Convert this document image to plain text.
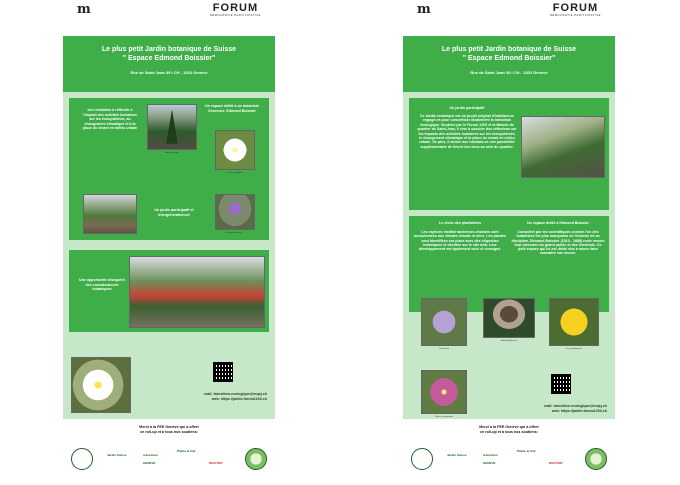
m	MAISON
DU QUARTIER
DE SAINT-JEAN	FORUM
DÉMOCRATIE PARTICIPATIVE
Le plus petit Jardin botanique de Suisse
" Espace Edmond Boissier"
Rue de Saint Jean 39 I CH - 1203 Genève
Une invitation à réfléchir à l'impact des activités humaines sur les écosystèmes, au changement climatique et à la place du vivant en milieu urbain
Abies pinsapo
Un espace dédié à un botaniste Genevois: Edmond Boissier
Cistus x aguilarii
Un jardin participatif et intergénérationnel
Iris spuria subsp. ...
Une opportunité d'acquérir des connaissances botaniques
mail: transition.ecologique@mqsj.ch
web: https://jardin.forum1203.ch
Merci à la FEE Genève qui a offert
ce roll-up et à tous nos soutiens:
Jardin Suisse	arboretum
Plante & Cité
GENEVE	RICOTER
m	MAISON
DU QUARTIER
DE SAINT-JEAN	FORUM
DÉMOCRATIE PARTICIPATIVE
Le plus petit Jardin botanique de Suisse
" Espace Edmond Boissier"
Rue de Saint Jean 39 I CH - 1203 Genève
Un jardin participatif
Ce Jardin botanique est un projet original d'habitant-es engagé-es pour concrétiser localement la transition écologique. Soutenu par le Forum 1203 et la Maison de quartier de Saint-Jean, il vise à susciter des réflexions sur les impacts des activités humaines sur les écosystèmes, le changement climatique et la place du vivant en milieu urbain. De plus, il donne aux habitant-es une possibilité supplémentaire de fleurir des lieux au sein du quartier.
Le choix des plantations
Les espèces méditerranéennes choisies sont accoutumées aux climats chauds et secs. Les plantes sont identifiées sur place avec des étiquettes botaniques et décrites sur le site web. Leur développement est également suivi et consigné.
Un espace dédié à Edmond Boissier
Considéré par les scientifiques comme l'un des botanistes les plus marquants de l'histoire de sa discipline, Edmond Boissier (1810 - 1885) reste encore trop méconnu du grand public et des Genevois. Ce petit espace qui lui est dédié vise à mieux faire connaître son œuvre.
Lavandula
Edmond Boissier
Iris pseudacorus
Cistus x purpureus
mail: transition.ecologique@mqsj.ch
web: https://jardin.forum1203.ch
Merci à la FEE Genève qui a offert
ce roll-up et à tous nos soutiens:
Jardin Suisse	arboretum
Plante & Cité
GENEVE	RICOTER
